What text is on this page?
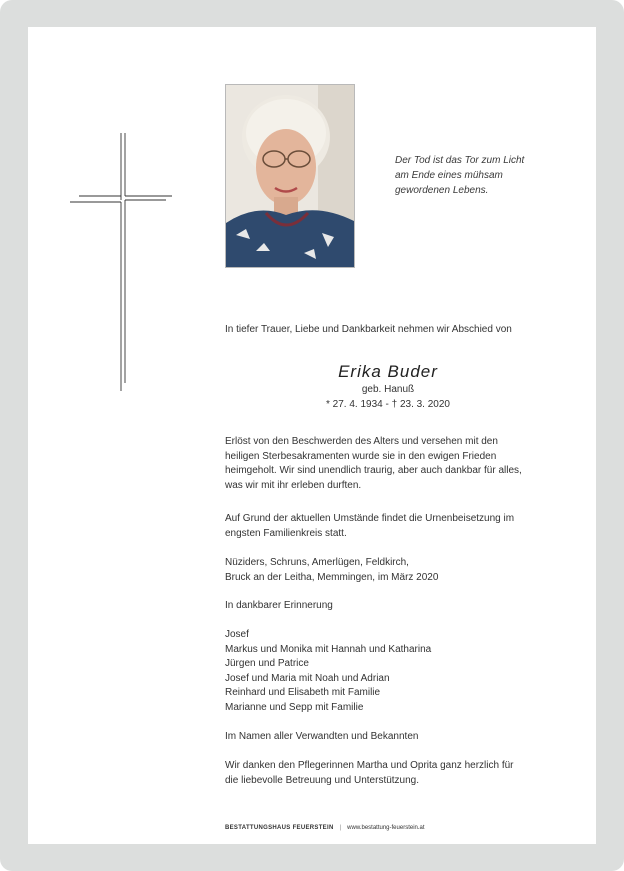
Der Tod ist das Tor zum Licht
am Ende eines mühsam
gewordenen Lebens.
In tiefer Trauer, Liebe und Dankbarkeit nehmen wir Abschied von
Erika Buder
geb. Hanuß
* 27. 4. 1934 - † 23. 3. 2020
Erlöst von den Beschwerden des Alters und versehen mit den
heiligen Sterbesakramenten wurde sie in den ewigen Frieden
heimgeholt. Wir sind unendlich traurig, aber auch dankbar für alles,
was wir mit ihr erleben durften.
Auf Grund der aktuellen Umstände findet die Urnenbeisetzung im
engsten Familienkreis statt.
Nüziders, Schruns, Amerlügen, Feldkirch,
Bruck an der Leitha, Memmingen, im März 2020
In dankbarer Erinnerung
Josef
Markus und Monika mit Hannah und Katharina
Jürgen und Patrice
Josef und Maria mit Noah und Adrian
Reinhard und Elisabeth mit Familie
Marianne und Sepp mit Familie
Im Namen aller Verwandten und Bekannten
Wir danken den Pflegerinnen Martha und Oprita ganz herzlich für
die liebevolle Betreuung und Unterstützung.
BESTATTUNGSHAUS FEUERSTEIN | www.bestattung-feuerstein.at
